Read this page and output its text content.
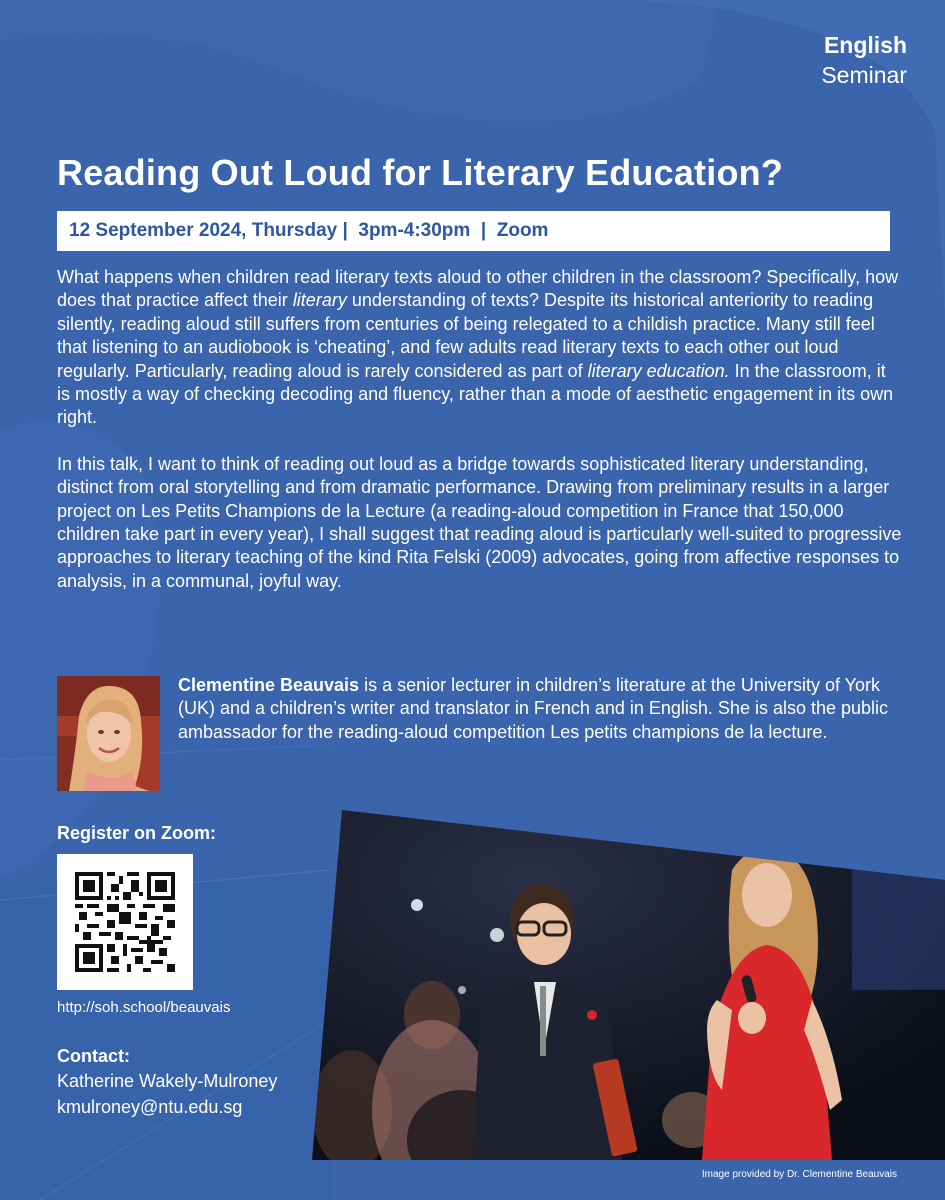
English
Seminar
Reading Out Loud for Literary Education?
12 September 2024, Thursday |  3pm-4:30pm  |  Zoom

What happens when children read literary texts aloud to other children in the classroom? Specifically, how does that practice affect their literary understanding of texts? Despite its historical anteriority to reading silently, reading aloud still suffers from centuries of being relegated to a childish practice. Many still feel that listening to an audiobook is ‘cheating’, and few adults read literary texts to each other out loud regularly. Particularly, reading aloud is rarely considered as part of literary education. In the classroom, it is mostly a way of checking decoding and fluency, rather than a mode of aesthetic engagement in its own right.

In this talk, I want to think of reading out loud as a bridge towards sophisticated literary understanding, distinct from oral storytelling and from dramatic performance. Drawing from preliminary results in a larger project on Les Petits Champions de la Lecture (a reading-aloud competition in France that 150,000 children take part in every year), I shall suggest that reading aloud is particularly well-suited to progressive approaches to literary teaching of the kind Rita Felski (2009) advocates, going from affective responses to analysis, in a communal, joyful way.

Clementine Beauvais is a senior lecturer in children’s literature at the University of York (UK) and a children’s writer and translator in French and in English. She is also the public ambassador for the reading-aloud competition Les petits champions de la lecture.
Register on Zoom:
http://soh.school/beauvais
Contact:
Katherine Wakely-Mulroney
kmulroney@ntu.edu.sg
Image provided by Dr. Clementine Beauvais
